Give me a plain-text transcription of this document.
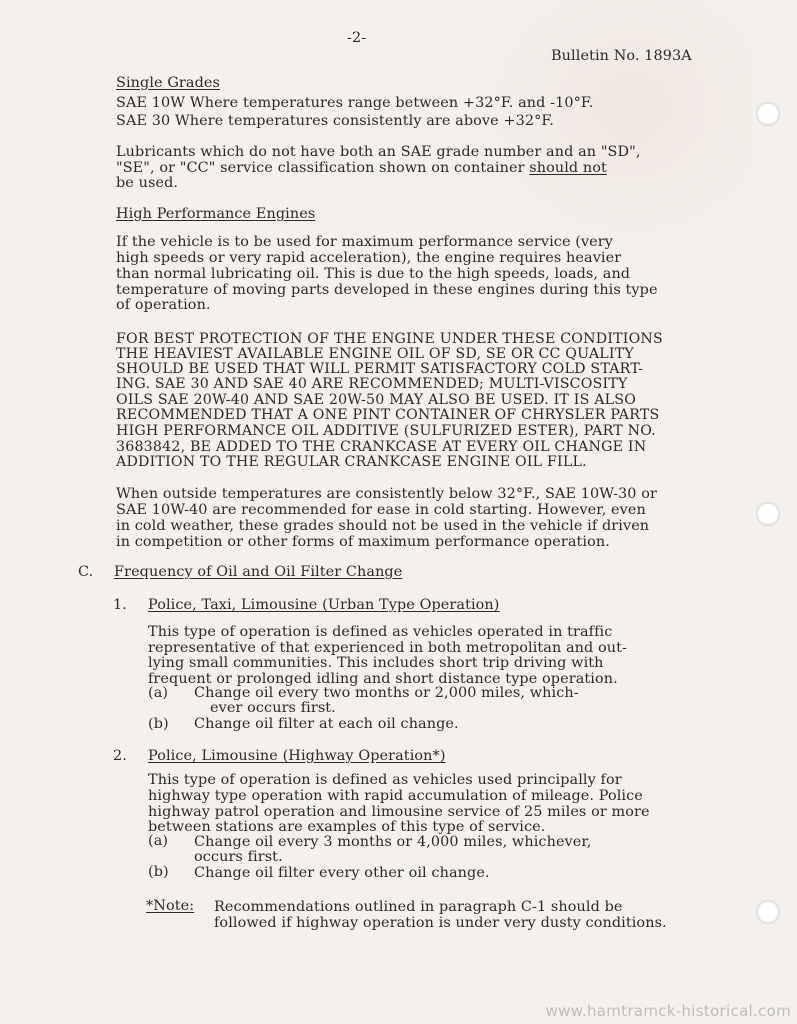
-2-
Bulletin No. 1893A
Single Grades
SAE 10W Where temperatures range between +32°F. and -10°F.
SAE 30 Where temperatures consistently are above +32°F.
Lubricants which do not have both an SAE grade number and an "SD",
"SE", or "CC" service classification shown on container should not
be used.
High Performance Engines
If the vehicle is to be used for maximum performance service (very
high speeds or very rapid acceleration), the engine requires heavier
than normal lubricating oil. This is due to the high speeds, loads, and
temperature of moving parts developed in these engines during this type
of operation.
FOR BEST PROTECTION OF THE ENGINE UNDER THESE CONDITIONS
THE HEAVIEST AVAILABLE ENGINE OIL OF SD, SE OR CC QUALITY
SHOULD BE USED THAT WILL PERMIT SATISFACTORY COLD START-
ING. SAE 30 AND SAE 40 ARE RECOMMENDED; MULTI-VISCOSITY
OILS SAE 20W-40 AND SAE 20W-50 MAY ALSO BE USED. IT IS ALSO
RECOMMENDED THAT A ONE PINT CONTAINER OF CHRYSLER PARTS
HIGH PERFORMANCE OIL ADDITIVE (SULFURIZED ESTER), PART NO.
3683842, BE ADDED TO THE CRANKCASE AT EVERY OIL CHANGE IN
ADDITION TO THE REGULAR CRANKCASE ENGINE OIL FILL.
When outside temperatures are consistently below 32°F., SAE 10W-30 or
SAE 10W-40 are recommended for ease in cold starting. However, even
in cold weather, these grades should not be used in the vehicle if driven
in competition or other forms of maximum performance operation.
C. Frequency of Oil and Oil Filter Change
1. Police, Taxi, Limousine (Urban Type Operation)
This type of operation is defined as vehicles operated in traffic
representative of that experienced in both metropolitan and out-
lying small communities. This includes short trip driving with
frequent or prolonged idling and short distance type operation.
(a) Change oil every two months or 2,000 miles, which-
ever occurs first.
(b) Change oil filter at each oil change.
2. Police, Limousine (Highway Operation*)
This type of operation is defined as vehicles used principally for
highway type operation with rapid accumulation of mileage. Police
highway patrol operation and limousine service of 25 miles or more
between stations are examples of this type of service.
(a) Change oil every 3 months or 4,000 miles, whichever,
occurs first.
(b) Change oil filter every other oil change.
*Note: Recommendations outlined in paragraph C-1 should be
followed if highway operation is under very dusty conditions.
www.hamtramck-historical.com
